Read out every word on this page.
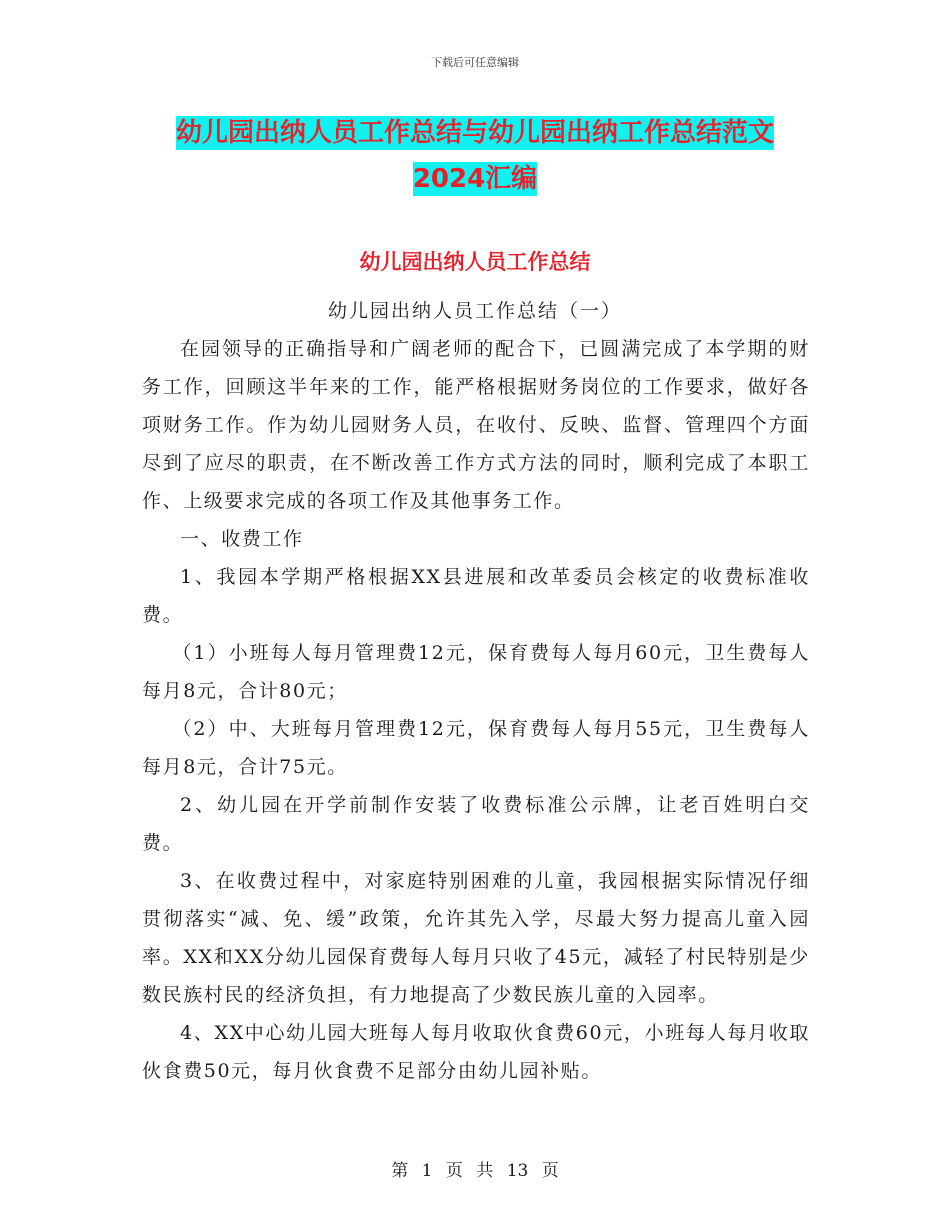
下载后可任意编辑
幼儿园出纳人员工作总结与幼儿园出纳工作总结范文
2024汇编
幼儿园出纳人员工作总结
幼儿园出纳人员工作总结（一）

在园领导的正确指导和广阔老师的配合下，已圆满完成了本学期的财务工作，回顾这半年来的工作，能严格根据财务岗位的工作要求，做好各项财务工作。作为幼儿园财务人员，在收付、反映、监督、管理四个方面尽到了应尽的职责，在不断改善工作方式方法的同时，顺利完成了本职工作、上级要求完成的各项工作及其他事务工作。

一、收费工作

1、我园本学期严格根据XX县进展和改革委员会核定的收费标准收费。

（1）小班每人每月管理费12元，保育费每人每月60元，卫生费每人每月8元，合计80元；

（2）中、大班每月管理费12元，保育费每人每月55元，卫生费每人每月8元，合计75元。

2、幼儿园在开学前制作安装了收费标准公示牌，让老百姓明白交费。

3、在收费过程中，对家庭特别困难的儿童，我园根据实际情况仔细贯彻落实“减、免、缓”政策，允许其先入学，尽最大努力提高儿童入园率。XX和XX分幼儿园保育费每人每月只收了45元，减轻了村民特别是少数民族村民的经济负担，有力地提高了少数民族儿童的入园率。

4、XX中心幼儿园大班每人每月收取伙食费60元，小班每人每月收取伙食费50元，每月伙食费不足部分由幼儿园补贴。

第 1 页 共 13 页
